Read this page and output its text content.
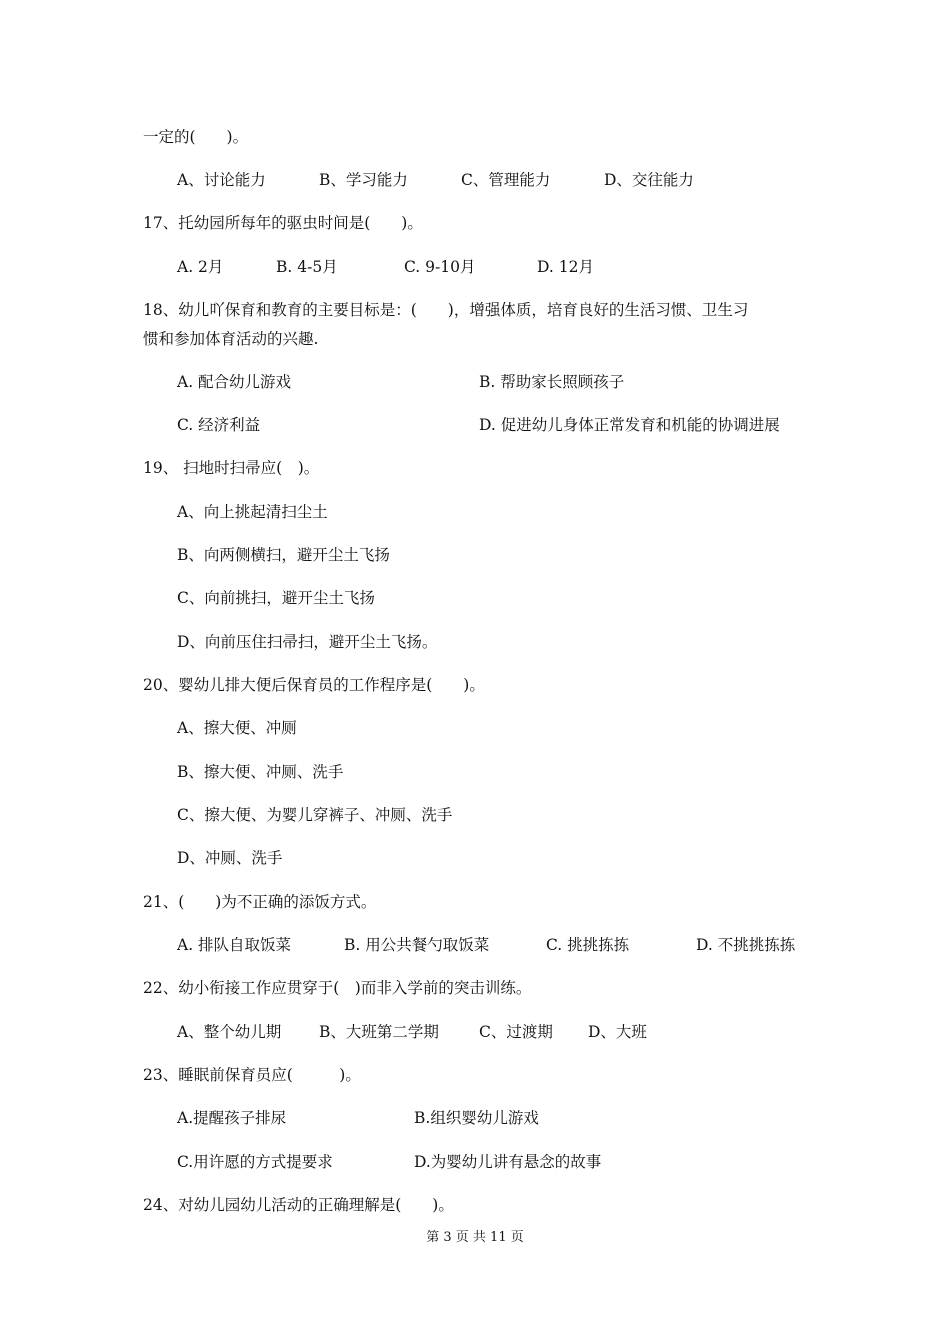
一定的(　　)。
A、讨论能力	B、学习能力	C、管理能力	D、交往能力
17、托幼园所每年的驱虫时间是(　　)。
A. 2月	B. 4-5月	C. 9-10月	D. 12月
18、幼儿吖保育和教育的主要目标是：(　　)，增强体质，培育良好的生活习惯、卫生习
惯和参加体育活动的兴趣.
A. 配合幼儿游戏	B. 帮助家长照顾孩子
C. 经济利益	D. 促进幼儿身体正常发育和机能的协调进展
19、 扫地时扫帚应(　)。
A、向上挑起清扫尘土
B、向两侧横扫，避开尘土飞扬
C、向前挑扫，避开尘土飞扬
D、向前压住扫帚扫，避开尘土飞扬。
20、婴幼儿排大便后保育员的工作程序是(　　)。
A、擦大便、冲厕
B、擦大便、冲厕、洗手
C、擦大便、为婴儿穿裤子、冲厕、洗手
D、冲厕、洗手
21、(　　)为不正确的添饭方式。
A. 排队自取饭菜	B. 用公共餐勺取饭菜	C. 挑挑拣拣	D. 不挑挑拣拣
22、幼小衔接工作应贯穿于(　)而非入学前的突击训练。
A、整个幼儿期 B、大班第二学期	C、过渡期 D、大班
23、睡眠前保育员应(　　　)。
A.提醒孩子排尿	B.组织婴幼儿游戏
C.用许愿的方式提要求	D.为婴幼儿讲有悬念的故事
24、对幼儿园幼儿活动的正确理解是(　　)。
第 3 页 共 11 页
